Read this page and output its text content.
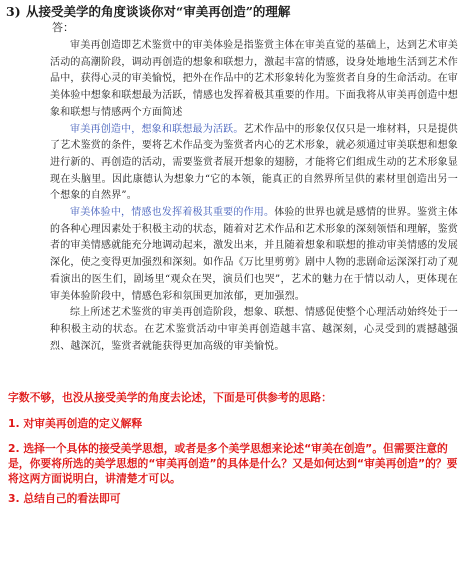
3) 从接受美学的角度谈谈你对“审美再创造”的理解
答：

审美再创造即艺术鉴赏中的审美体验是指鉴赏主体在审美直觉的基础上，达到艺术审美活动的高潮阶段，调动再创造的想象和联想力，激起丰富的情感，设身处地地生活到艺术作品中，获得心灵的审美愉悦，把外在作品中的艺术形象转化为鉴赏者自身的生命活动。在审美体验中想象和联想最为活跃，情感也发挥着极其重要的作用。下面我将从审美再创造中想象和联想与情感两个方面简述

审美再创造中，想象和联想最为活跃。艺术作品中的形象仅仅只是一堆材料，只是提供了艺术鉴赏的条件，要将艺术作品变为鉴赏者内心的艺术形象，就必须通过审美联想和想象进行新的、再创造的活动，需要鉴赏者展开想象的翅膀，才能将它们组成生动的艺术形象显现在头脑里。因此康德认为想象力“它的本领，能真正的自然界所呈供的素材里创造出另一个想象的自然界”。

审美体验中，情感也发挥着极其重要的作用。体验的世界也就是感情的世界。鉴赏主体的各种心理因素处于积极主动的状态，随着对艺术作品和艺术形象的深刻领悟和理解，鉴赏者的审美情感就能充分地调动起来，激发出来，并且随着想象和联想的推动审美情感的发展深化，使之变得更加强烈和深刻。如作品《万比里剪剪》剧中人物的悲剧命运深深打动了观看演出的医生们，剧场里“观众在哭，演员们也哭”，艺术的魅力在于情以动人，更体现在审美体验阶段中，情感色彩和氛围更加浓郁，更加强烈。

综上所述艺术鉴赏的审美再创造阶段，想象、联想、情感促使整个心理活动始终处于一种积极主动的状态。在艺术鉴赏活动中审美再创造越丰富、越深刻，心灵受到的震撼越强烈、越深沉，鉴赏者就能获得更加高级的审美愉悦。

字数不够，也没从接受美学的角度去论述，下面是可供参考的思路：

1. 对审美再创造的定义解释

2. 选择一个具体的接受美学思想，或者是多个美学思想来论述“审美在创造”。但需要注意的是，你要将所选的美学思想的“审美再创造”的具体是什么？又是如何达到“审美再创造”的？要将这两方面说明白，讲清楚才可以。

3. 总结自己的看法即可
